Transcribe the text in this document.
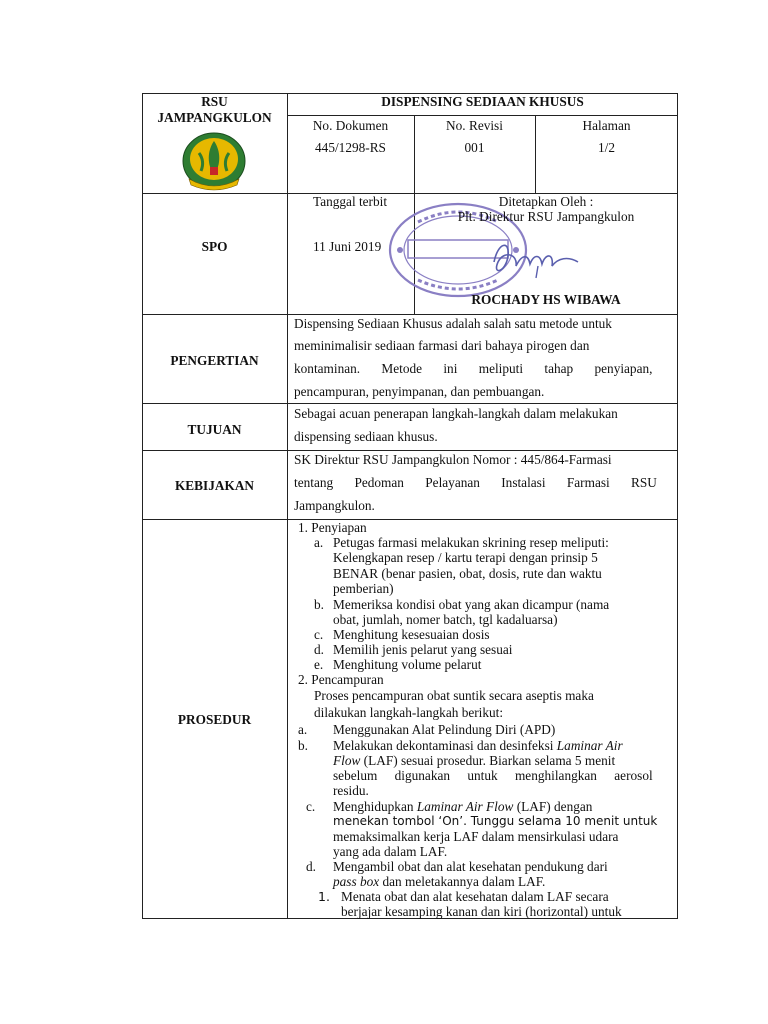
RSU
JAMPANGKULON
DISPENSING SEDIAAN KHUSUS
No. Dokumen
445/1298-RS
No. Revisi
001
Halaman
1/2
SPO
Tanggal terbit
11 Juni 2019
Ditetapkan Oleh :
Plt. Direktur RSU Jampangkulon
ROCHADY HS WIBAWA
PENGERTIAN
Dispensing Sediaan Khusus adalah salah satu metode untuk
meminimalisir sediaan farmasi dari bahaya pirogen dan
kontaminan. Metode ini meliputi tahap penyiapan,
pencampuran, penyimpanan, dan pembuangan.
TUJUAN
Sebagai acuan penerapan langkah-langkah dalam melakukan
dispensing sediaan khusus.
KEBIJAKAN
SK Direktur RSU Jampangkulon Nomor : 445/864-Farmasi
tentang Pedoman Pelayanan Instalasi Farmasi RSU
Jampangkulon.
PROSEDUR
1. Penyiapan
a. Petugas farmasi melakukan skrining resep meliputi:
Kelengkapan resep / kartu terapi dengan prinsip 5
BENAR (benar pasien, obat, dosis, rute dan waktu
pemberian)
b. Memeriksa kondisi obat yang akan dicampur (nama
obat, jumlah, nomer batch, tgl kadaluarsa)
c. Menghitung kesesuaian dosis
d. Memilih jenis pelarut yang sesuai
e. Menghitung volume pelarut
2. Pencampuran
Proses pencampuran obat suntik secara aseptis maka
dilakukan langkah-langkah berikut:
a. Menggunakan Alat Pelindung Diri (APD)
b. Melakukan dekontaminasi dan desinfeksi Laminar Air
Flow (LAF) sesuai prosedur. Biarkan selama 5 menit
sebelum digunakan untuk menghilangkan aerosol
residu.
c. Menghidupkan Laminar Air Flow (LAF) dengan
menekan tombol ‘On’. Tunggu selama 10 menit untuk
memaksimalkan kerja LAF dalam mensirkulasi udara
yang ada dalam LAF.
d. Mengambil obat dan alat kesehatan pendukung dari
pass box dan meletakannya dalam LAF.
1. Menata obat dan alat kesehatan dalam LAF secara
berjajar kesamping kanan dan kiri (horizontal) untuk
